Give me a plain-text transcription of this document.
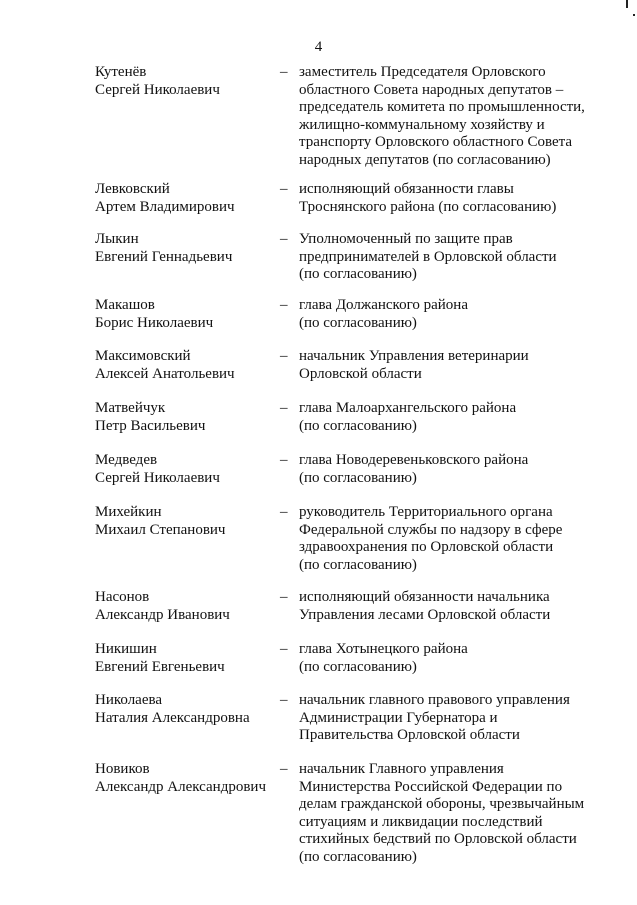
4
Кутенёв
Сергей Николаевич
– заместитель Председателя Орловского
областного Совета народных депутатов –
председатель комитета по промышленности,
жилищно-коммунальному хозяйству и
транспорту Орловского областного Совета
народных депутатов (по согласованию)
Левковский
Артем Владимирович
– исполняющий обязанности главы
Троснянского района (по согласованию)
Лыкин
Евгений Геннадьевич
– Уполномоченный по защите прав
предпринимателей в Орловской области
(по согласованию)
Макашов
Борис Николаевич
– глава Должанского района
(по согласованию)
Максимовский
Алексей Анатольевич
– начальник Управления ветеринарии
Орловской области
Матвейчук
Петр Васильевич
– глава Малоархангельского района
(по согласованию)
Медведев
Сергей Николаевич
– глава Новодеревеньковского района
(по согласованию)
Михейкин
Михаил Степанович
– руководитель Территориального органа
Федеральной службы по надзору в сфере
здравоохранения по Орловской области
(по согласованию)
Насонов
Александр Иванович
– исполняющий обязанности начальника
Управления лесами Орловской области
Никишин
Евгений Евгеньевич
– глава Хотынецкого района
(по согласованию)
Николаева
Наталия Александровна
– начальник главного правового управления
Администрации Губернатора и
Правительства Орловской области
Новиков
Александр Александрович
– начальник Главного управления
Министерства Российской Федерации по
делам гражданской обороны, чрезвычайным
ситуациям и ликвидации последствий
стихийных бедствий по Орловской области
(по согласованию)
